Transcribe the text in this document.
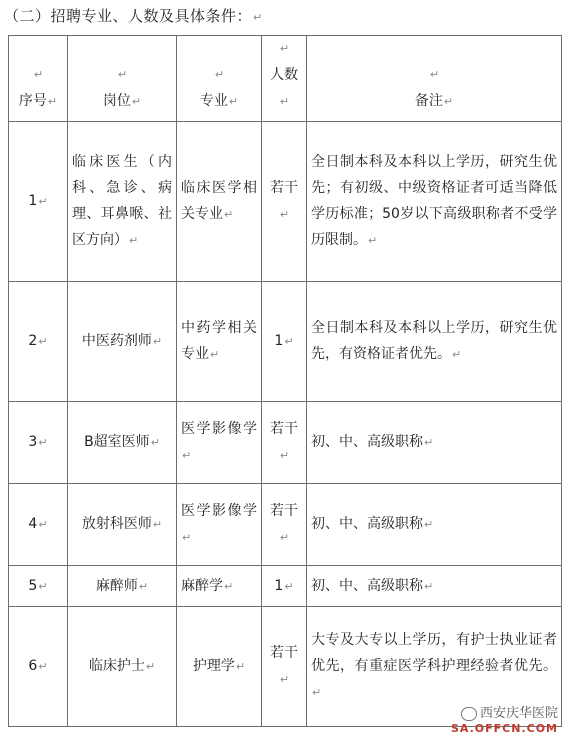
（二）招聘专业、人数及具体条件：↵
↵
序号↵	↵
岗位↵	↵
专业↵	↵
人数↵	↵
备注↵
1↵	临床医生（内科、急诊、病理、耳鼻喉、社区方向）↵	临床医学相关专业↵	若干↵	全日制本科及本科以上学历，研究生优先；有初级、中级资格证者可适当降低学历标准；50岁以下高级职称者不受学历限制。↵
2↵	中医药剂师↵	中药学相关专业↵	1↵	全日制本科及本科以上学历，研究生优先，有资格证者优先。↵
3↵	B超室医师↵	医学影像学↵	若干↵	初、中、高级职称↵
4↵	放射科医师↵	医学影像学↵	若干↵	初、中、高级职称↵
5↵	麻醉师↵	麻醉学↵	1↵	初、中、高级职称↵
6↵	临床护士↵	护理学↵	若干↵	大专及大专以上学历，有护士执业证者优先，有重症医学科护理经验者优先。↵
西安庆华医院
SA.OFFCN.COM
